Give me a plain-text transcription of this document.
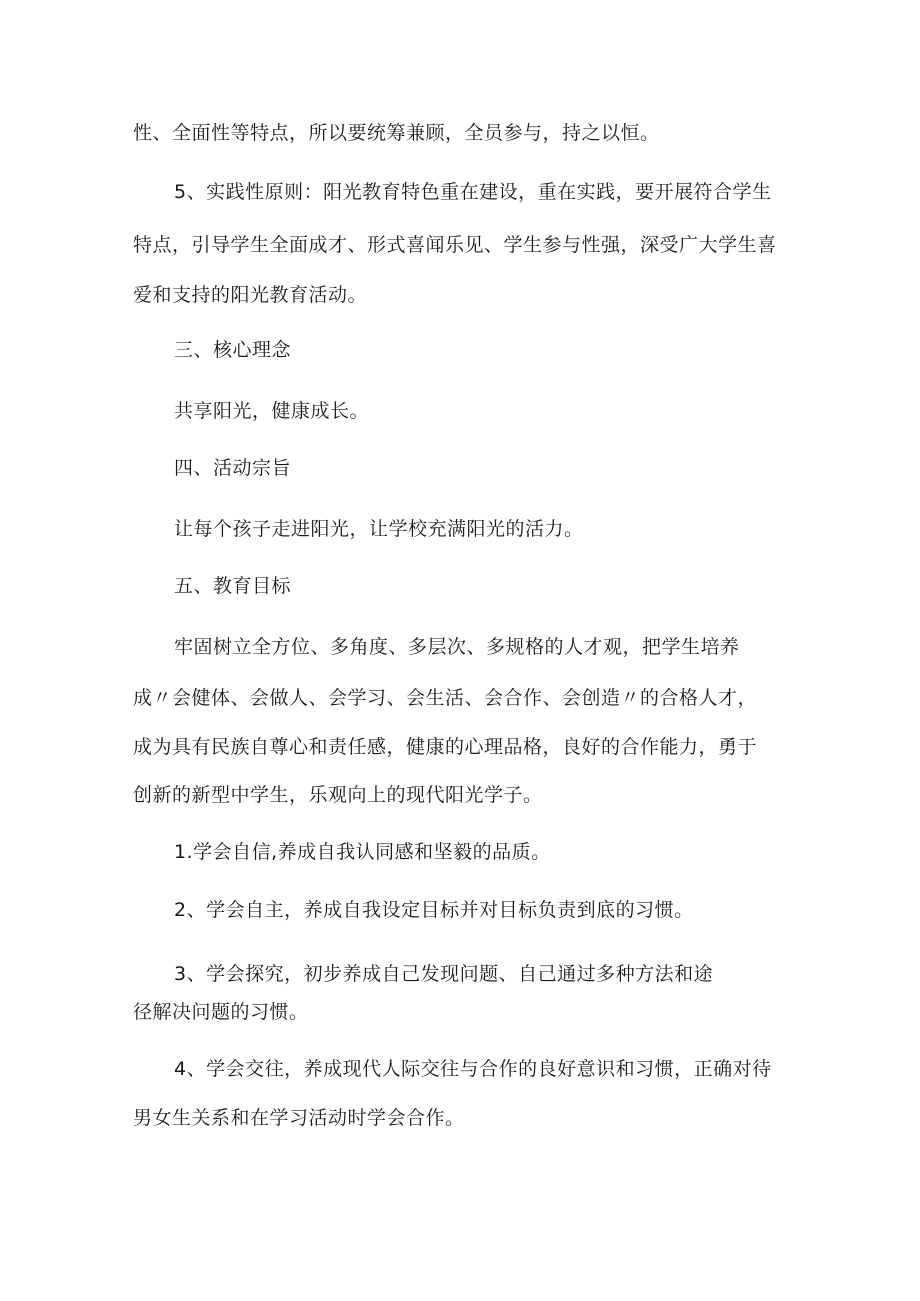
性、全面性等特点，所以要统筹兼顾，全员参与，持之以恒。

5、实践性原则：阳光教育特色重在建设，重在实践，要开展符合学生

特点，引导学生全面成才、形式喜闻乐见、学生参与性强，深受广大学生喜

爱和支持的阳光教育活动。

三、核心理念

共享阳光，健康成长。

四、活动宗旨

让每个孩子走进阳光，让学校充满阳光的活力。

五、教育目标

牢固树立全方位、多角度、多层次、多规格的人才观，把学生培养

成〃会健体、会做人、会学习、会生活、会合作、会创造〃的合格人才，

成为具有民族自尊心和责任感，健康的心理品格，良好的合作能力，勇于

创新的新型中学生，乐观向上的现代阳光学子。

1.学会自信,养成自我认同感和坚毅的品质。

2、学会自主，养成自我设定目标并对目标负责到底的习惯。

3、学会探究，初步养成自己发现问题、自己通过多种方法和途

径解决问题的习惯。

4、学会交往，养成现代人际交往与合作的良好意识和习惯，正确对待

男女生关系和在学习活动时学会合作。
